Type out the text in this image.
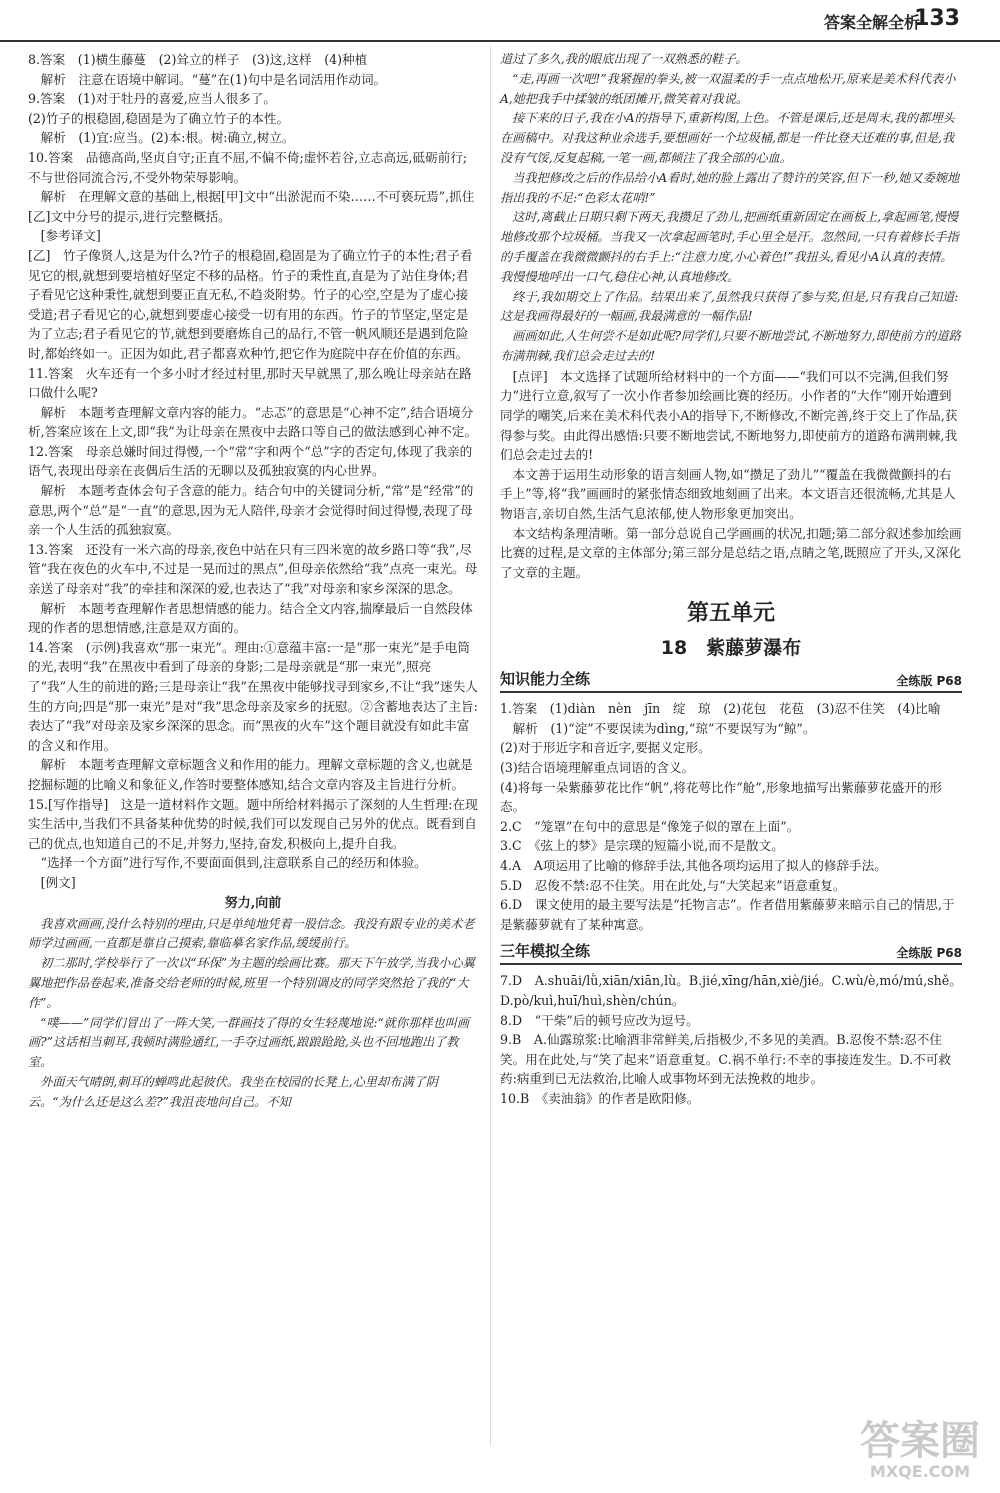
答案全解全析
133

8.答案　(1)横生藤蔓　(2)耸立的样子　(3)这,这样　(4)种植

　解析　注意在语境中解词。“蔓”在(1)句中是名词活用作动词。

9.答案　(1)对于牡丹的喜爱,应当人很多了。

(2)竹子的根稳固,稳固是为了确立竹子的本性。

　解析　(1)宜:应当。(2)本:根。树:确立,树立。

10.答案　品德高尚,坚贞自守;正直不屈,不偏不倚;虚怀若谷,立志高远,砥砺前行;不与世俗同流合污,不受外物荣辱影响。

　解析　在理解文意的基础上,根据[甲]文中“出淤泥而不染……不可亵玩焉”,抓住[乙]文中分号的提示,进行完整概括。

　[参考译文]

[乙]　竹子像贤人,这是为什么?竹子的根稳固,稳固是为了确立竹子的本性;君子看见它的根,就想到要培植好坚定不移的品格。竹子的秉性直,直是为了站住身体;君子看见它这种秉性,就想到要正直无私,不趋炎附势。竹子的心空,空是为了虚心接受道;君子看见它的心,就想到要虚心接受一切有用的东西。竹子的节坚定,坚定是为了立志;君子看见它的节,就想到要磨炼自己的品行,不管一帆风顺还是遇到危险时,都始终如一。正因为如此,君子都喜欢种竹,把它作为庭院中存在价值的东西。

11.答案　火车还有一个多小时才经过村里,那时天早就黑了,那么晚让母亲站在路口做什么呢?

　解析　本题考查理解文章内容的能力。“忐忑”的意思是“心神不定”,结合语境分析,答案应该在上文,即“我”为让母亲在黑夜中去路口等自己的做法感到心神不定。

12.答案　母亲总嫌时间过得慢,一个“常”字和两个“总”字的否定句,体现了我亲的语气,表现出母亲在丧偶后生活的无聊以及孤独寂寞的内心世界。

　解析　本题考查体会句子含意的能力。结合句中的关键词分析,“常”是“经常”的意思,两个“总”是“一直”的意思,因为无人陪伴,母亲才会觉得时间过得慢,表现了母亲一个人生活的孤独寂寞。

13.答案　还没有一米六高的母亲,夜色中站在只有三四米宽的故乡路口等“我”,尽管“我在夜色的火车中,不过是一晃而过的黑点”,但母亲依然给“我”点亮一束光。母亲送了母亲对“我”的牵挂和深深的爱,也表达了“我”对母亲和家乡深深的思念。

　解析　本题考查理解作者思想情感的能力。结合全文内容,揣摩最后一自然段体现的作者的思想情感,注意是双方面的。

14.答案　(示例)我喜欢“那一束光”。理由:①意蕴丰富:一是“那一束光”是手电筒的光,表明“我”在黑夜中看到了母亲的身影;二是母亲就是“那一束光”,照亮了“我”人生的前进的路;三是母亲让“我”在黑夜中能够找寻到家乡,不让“我”迷失人生的方向;四是“那一束光”是对“我”思念母亲及家乡的抚慰。②含蓄地表达了主旨:表达了“我”对母亲及家乡深深的思念。而“黑夜的火车”这个题目就没有如此丰富的含义和作用。

　解析　本题考查理解文章标题含义和作用的能力。理解文章标题的含义,也就是挖掘标题的比喻义和象征义,作答时要整体感知,结合文章内容及主旨进行分析。

15.[写作指导]　这是一道材料作文题。题中所给材料揭示了深刻的人生哲理:在现实生活中,当我们不具备某种优势的时候,我们可以发现自己另外的优点。既看到自己的优点,也知道自己的不足,并努力,坚持,奋发,积极向上,提升自我。

　“选择一个方面”进行写作,不要面面俱到,注意联系自己的经历和体验。

　[例文]

努力,向前

　我喜欢画画,没什么特别的理由,只是单纯地凭着一股信念。我没有跟专业的美术老师学过画画,一直都是靠自己摸索,靠临摹名家作品,缓缓前行。

　初二那时,学校举行了一次以“环保”为主题的绘画比赛。那天下午放学,当我小心翼翼地把作品卷起来,准备交给老师的时候,班里一个特别调皮的同学突然抢了我的“大作”。

　“噗——”同学们冒出了一阵大笑,一群画技了得的女生轻蔑地说:“就你那样也叫画画?”这话相当刺耳,我顿时满脸通红,一手夺过画纸,踉踉跄跄,头也不回地跑出了教室。

　外面天气晴朗,刺耳的蝉鸣此起彼伏。我坐在校园的长凳上,心里却布满了阴云。“为什么还是这么差?”我沮丧地问自己。不知

道过了多久,我的眼底出现了一双熟悉的鞋子。

　“走,再画一次吧!”我紧握的拳头,被一双温柔的手一点点地松开,原来是美术科代表小A,她把我手中揉皱的纸团摊开,微笑着对我说。

　接下来的日子,我在小A的指导下,重新构图,上色。不管是课后,还是周末,我的都埋头在画稿中。对我这种业余选手,要想画好一个垃圾桶,都是一件比登天还难的事,但是,我没有气馁,反复起稿,一笔一画,都倾注了我全部的心血。

　当我把修改之后的作品给小A看时,她的脸上露出了赞许的笑容,但下一秒,她又委婉地指出我的不足:“色彩太花哨!”

　这时,离截止日期只剩下两天,我攒足了劲儿,把画纸重新固定在画板上,拿起画笔,慢慢地修改那个垃圾桶。当我又一次拿起画笔时,手心里全是汗。忽然间,一只有着修长手指的手覆盖在我微微颤抖的右手上:“注意力度,小心着色!”我扭头,看见小A认真的表情。我慢慢地呼出一口气,稳住心神,认真地修改。

　终于,我如期交上了作品。结果出来了,虽然我只获得了参与奖,但是,只有我自己知道:这是我画得最好的一幅画,我最满意的一幅作品!

　画画如此,人生何尝不是如此呢?同学们,只要不断地尝试,不断地努力,即使前方的道路布满荆棘,我们总会走过去的!

　[点评]　本文选择了试题所给材料中的一个方面——“我们可以不完满,但我们努力”进行立意,叙写了一次小作者参加绘画比赛的经历。小作者的“大作”刚开始遭到同学的嘲笑,后来在美术科代表小A的指导下,不断修改,不断完善,终于交上了作品,获得参与奖。由此得出感悟:只要不断地尝试,不断地努力,即使前方的道路布满荆棘,我们总会走过去的!

　本文善于运用生动形象的语言刻画人物,如“攒足了劲儿”“覆盖在我微微颤抖的右手上”等,将“我”画画时的紧张情态细致地刻画了出来。本文语言还很流畅,尤其是人物语言,亲切自然,生活气息浓郁,使人物形象更加突出。

　本文结构条理清晰。第一部分总说自己学画画的状况,扣题;第二部分叙述参加绘画比赛的过程,是文章的主体部分;第三部分是总结之语,点睛之笔,既照应了开头,又深化了文章的主题。

第五单元
18　紫藤萝瀑布
知识能力全练	全练版 P68

1.答案　(1)diàn　nèn　jīn　绽　琼　(2)花包　花苞　(3)忍不住笑　(4)比喻

　解析　(1)“淀”不要误读为dìng,“琼”不要误写为“鲸”。

(2)对于形近字和音近字,要据义定形。

(3)结合语境理解重点词语的含义。

(4)将每一朵紫藤萝花比作“帆”,将花萼比作“舱”,形象地描写出紫藤萝花盛开的形态。

2.C　“笼罩”在句中的意思是“像笼子似的罩在上面”。

3.C　《弦上的梦》是宗璞的短篇小说,而不是散文。

4.A　A项运用了比喻的修辞手法,其他各项均运用了拟人的修辞手法。

5.D　忍俊不禁:忍不住笑。用在此处,与“大笑起来”语意重复。

6.D　课文使用的最主要写法是“托物言志”。作者借用紫藤萝来暗示自己的情思,于是紫藤萝就有了某种寓意。

三年模拟全练	全练版 P68

7.D　A.shuāi/lǜ,xiān/xiān,lù。B.jié,xīng/hān,xiè/jié。C.wù/è,mó/mú,shě。D.pò/kuì,huī/huì,shèn/chún。

8.D　“干柴”后的顿号应改为逗号。

9.B　A.仙露琼浆:比喻酒非常鲜美,后指极少,不多见的美酒。B.忍俊不禁:忍不住笑。用在此处,与“笑了起来”语意重复。C.祸不单行:不幸的事接连发生。D.不可救药:病重到已无法救治,比喻人或事物坏到无法挽救的地步。

10.B　《卖油翁》的作者是欧阳修。

答案圈
MXQE.COM
